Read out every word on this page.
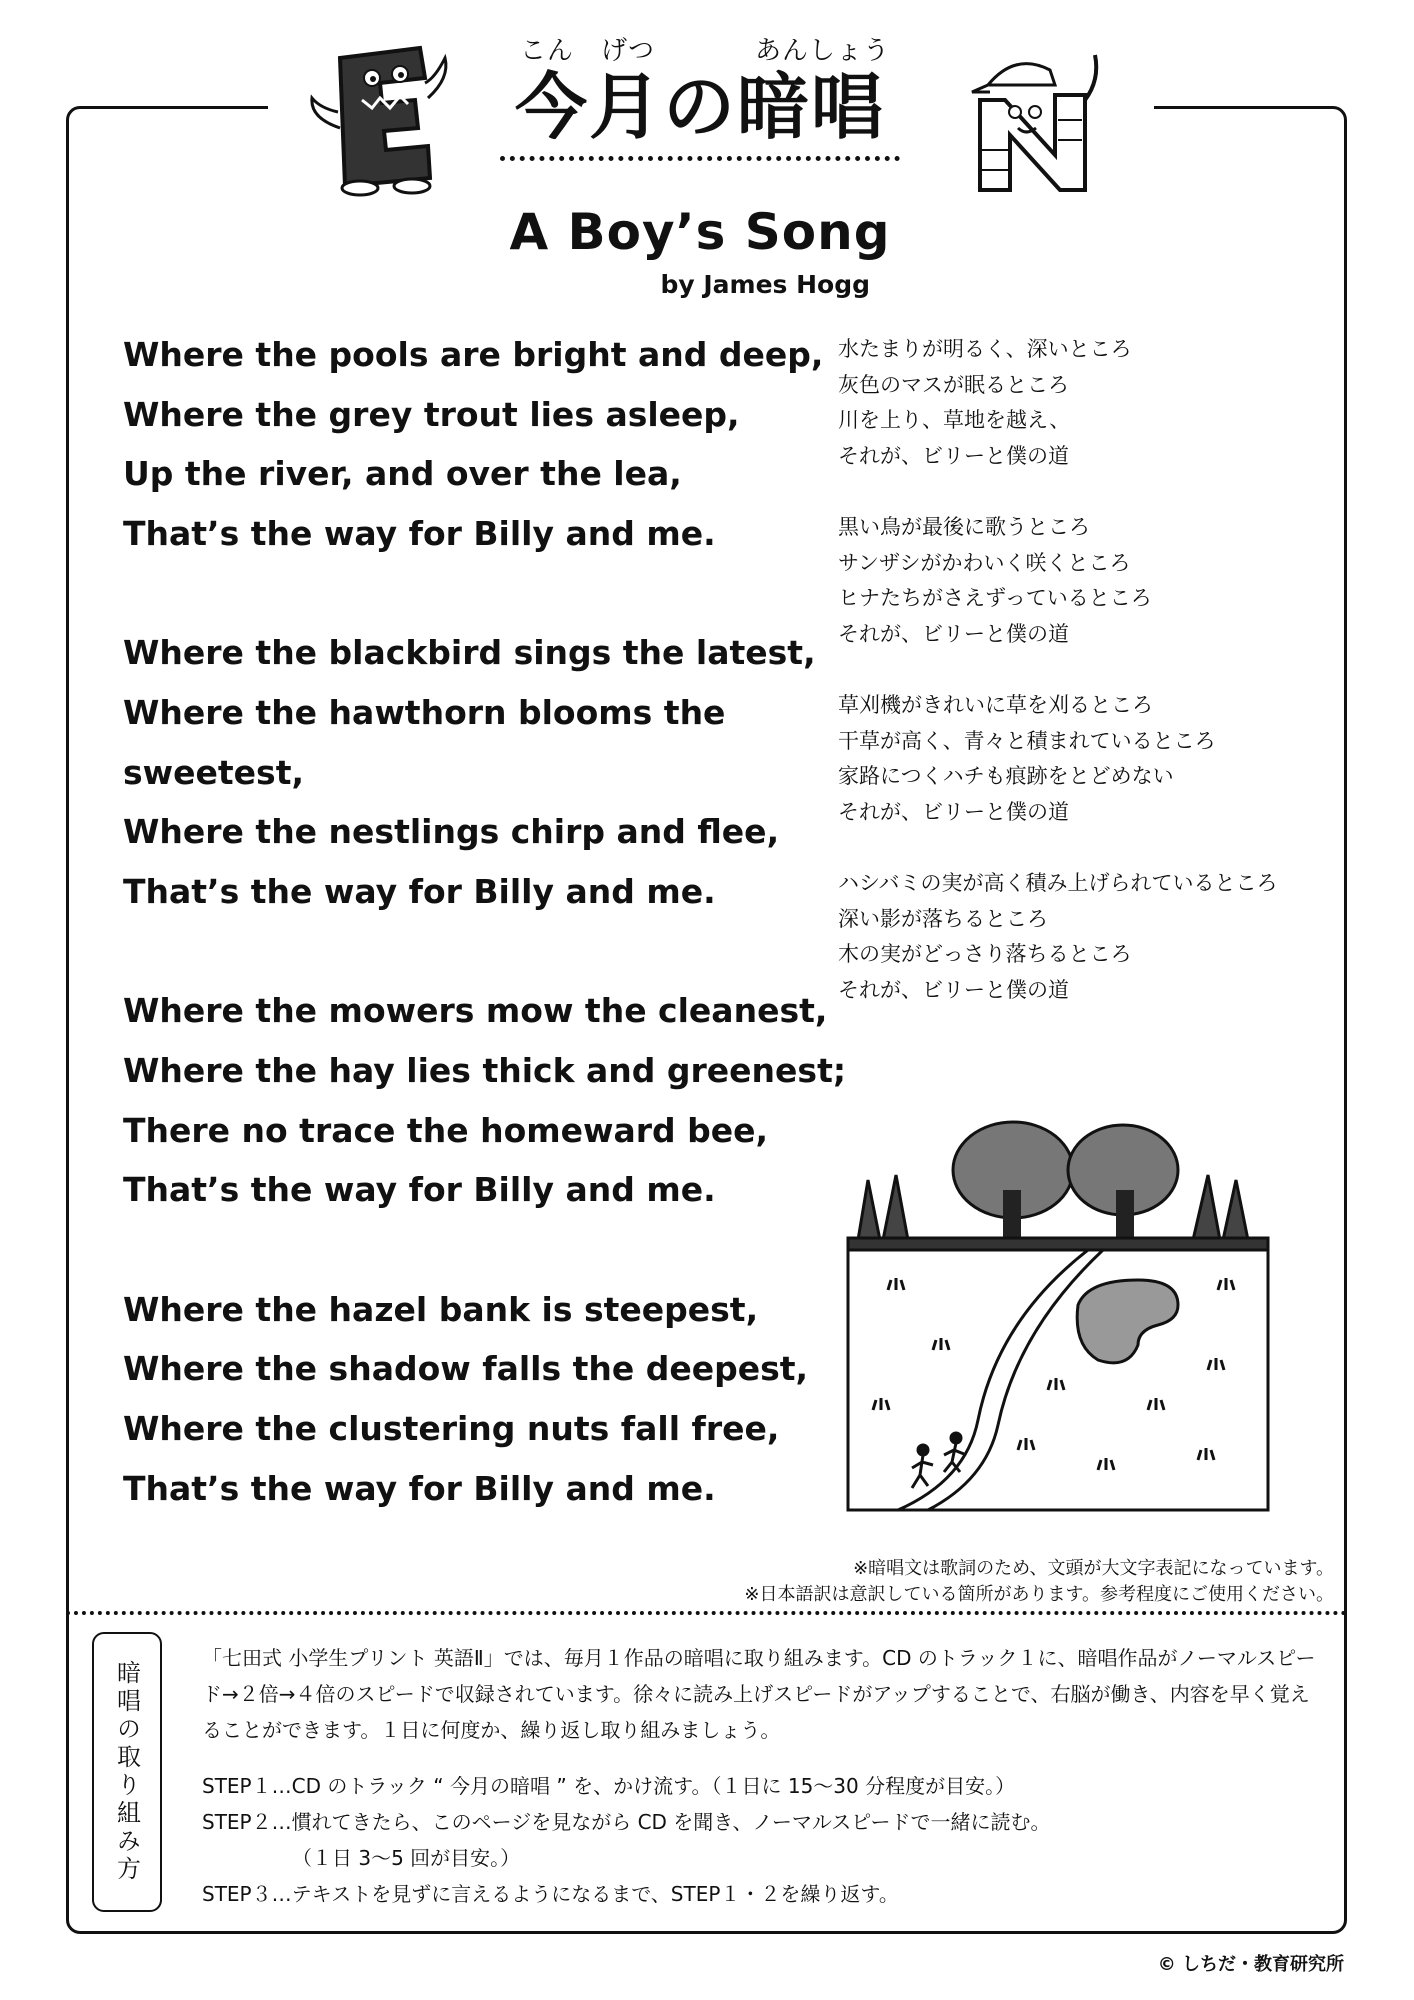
こん　げつ	あんしょう
今月の暗唱
A Boy’s Song
by James Hogg
Where the pools are bright and deep,
Where the grey trout lies asleep,
Up the river, and over the lea,
That’s the way for Billy and me.
Where the blackbird sings the latest,
Where the hawthorn blooms the
sweetest,
Where the nestlings chirp and flee,
That’s the way for Billy and me.
Where the mowers mow the cleanest,
Where the hay lies thick and greenest;
There no trace the homeward bee,
That’s the way for Billy and me.
Where the hazel bank is steepest,
Where the shadow falls the deepest,
Where the clustering nuts fall free,
That’s the way for Billy and me.
水たまりが明るく、深いところ
灰色のマスが眠るところ
川を上り、草地を越え、
それが、ビリーと僕の道
黒い鳥が最後に歌うところ
サンザシがかわいく咲くところ
ヒナたちがさえずっているところ
それが、ビリーと僕の道
草刈機がきれいに草を刈るところ
干草が高く、青々と積まれているところ
家路につくハチも痕跡をとどめない
それが、ビリーと僕の道
ハシバミの実が高く積み上げられているところ
深い影が落ちるところ
木の実がどっさり落ちるところ
それが、ビリーと僕の道
※暗唱文は歌詞のため、文頭が大文字表記になっています。
※日本語訳は意訳している箇所があります。参考程度にご使用ください。
暗唱の取り組み方

「七田式 小学生プリント 英語Ⅱ」では、毎月１作品の暗唱に取り組みます。CD のトラック１に、暗唱作品がノーマルスピード→２倍→４倍のスピードで収録されています。徐々に読み上げスピードがアップすることで、右脳が働き、内容を早く覚えることができます。１日に何度か、繰り返し取り組みましょう。

STEP１…CD のトラック “ 今月の暗唱 ” を、かけ流す。（１日に 15〜30 分程度が目安。）

STEP２…慣れてきたら、このページを見ながら CD を聞き、ノーマルスピードで一緒に読む。

（１日 3〜5 回が目安。）

STEP３…テキストを見ずに言えるようになるまで、STEP１・２を繰り返す。

© しちだ・教育研究所
